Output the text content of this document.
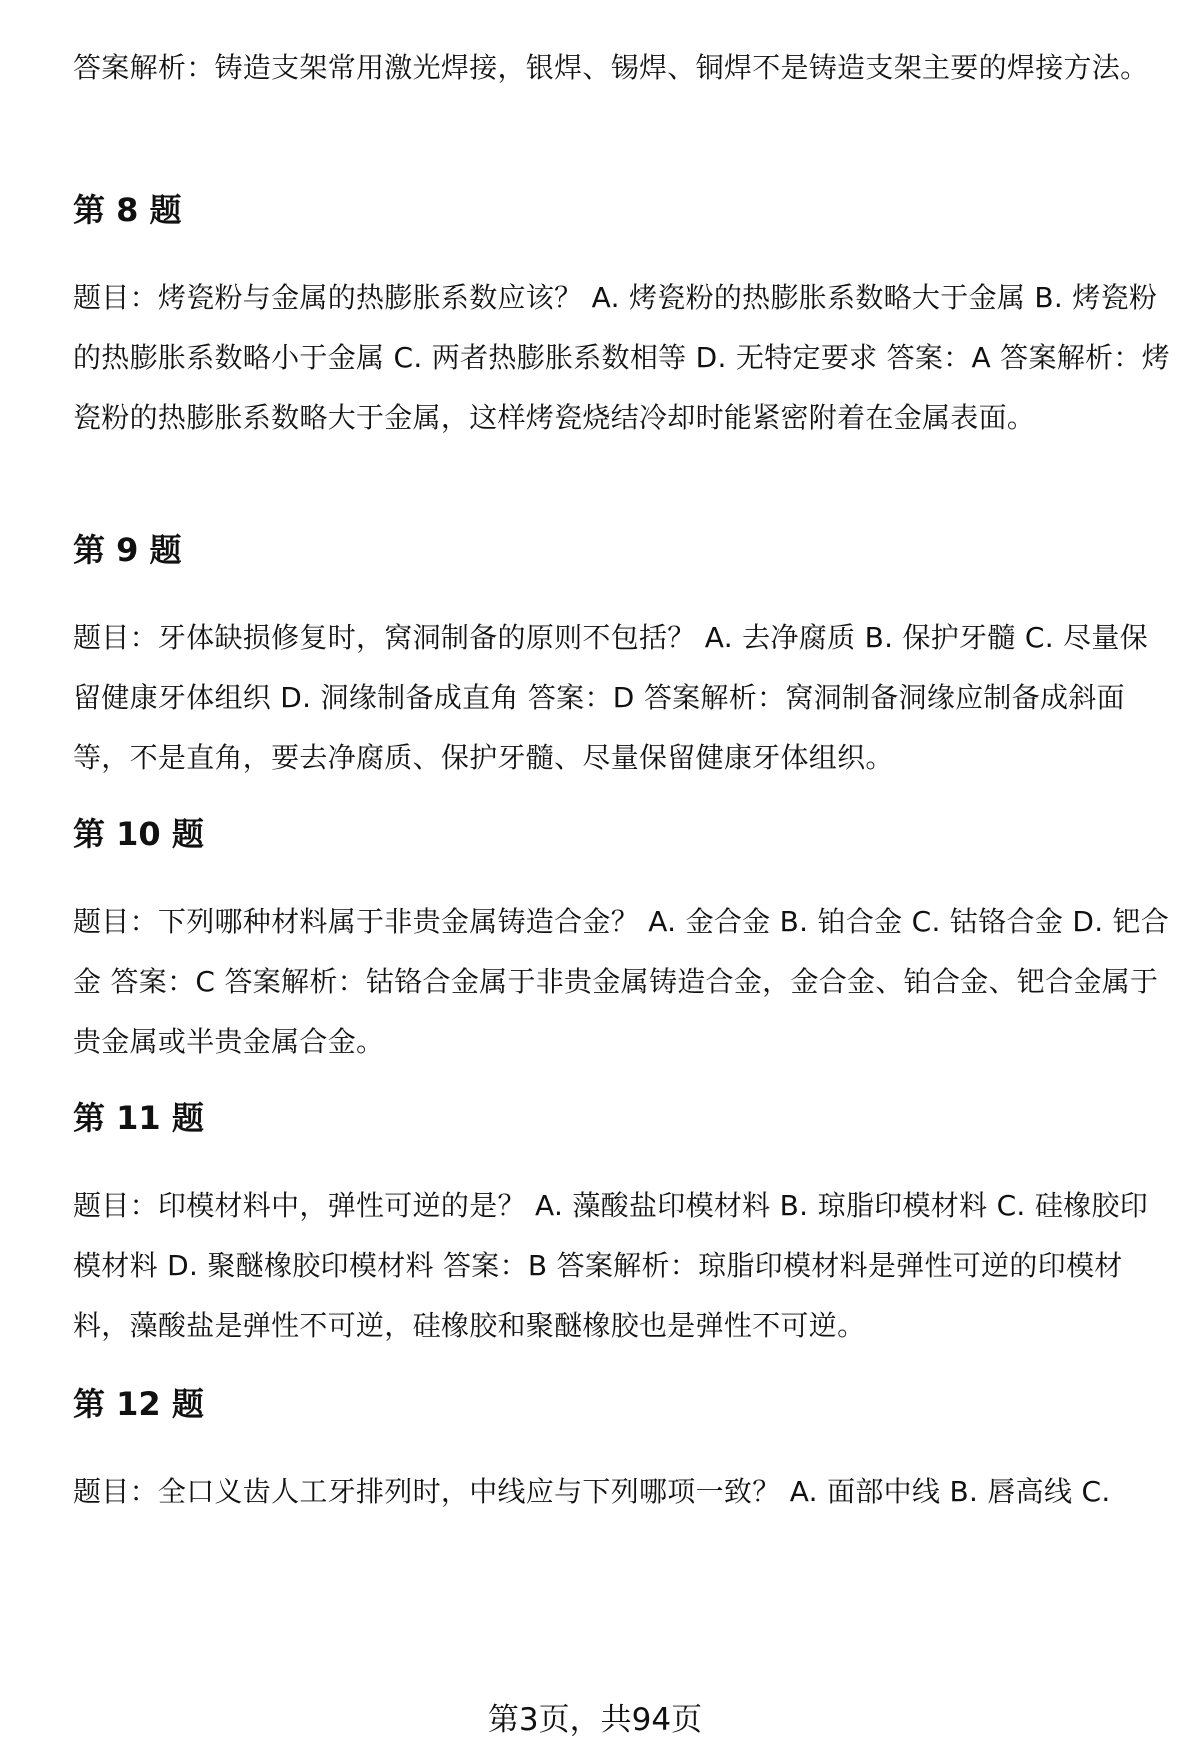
答案解析：铸造支架常用激光焊接，银焊、锡焊、铜焊不是铸造支架主要的焊接方法。

第 8 题

题目：烤瓷粉与金属的热膨胀系数应该？ A. 烤瓷粉的热膨胀系数略大于金属 B. 烤瓷粉的热膨胀系数略小于金属 C. 两者热膨胀系数相等 D. 无特定要求 答案：A 答案解析：烤瓷粉的热膨胀系数略大于金属，这样烤瓷烧结冷却时能紧密附着在金属表面。

第 9 题

题目：牙体缺损修复时，窝洞制备的原则不包括？ A. 去净腐质 B. 保护牙髓 C. 尽量保留健康牙体组织 D. 洞缘制备成直角 答案：D 答案解析：窝洞制备洞缘应制备成斜面等，不是直角，要去净腐质、保护牙髓、尽量保留健康牙体组织。

第 10 题

题目：下列哪种材料属于非贵金属铸造合金？ A. 金合金 B. 铂合金 C. 钴铬合金 D. 钯合金 答案：C 答案解析：钴铬合金属于非贵金属铸造合金，金合金、铂合金、钯合金属于贵金属或半贵金属合金。

第 11 题

题目：印模材料中，弹性可逆的是？ A. 藻酸盐印模材料 B. 琼脂印模材料 C. 硅橡胶印模材料 D. 聚醚橡胶印模材料 答案：B 答案解析：琼脂印模材料是弹性可逆的印模材料，藻酸盐是弹性不可逆，硅橡胶和聚醚橡胶也是弹性不可逆。

第 12 题

题目：全口义齿人工牙排列时，中线应与下列哪项一致？ A. 面部中线 B. 唇高线 C.

第3页，共94页
